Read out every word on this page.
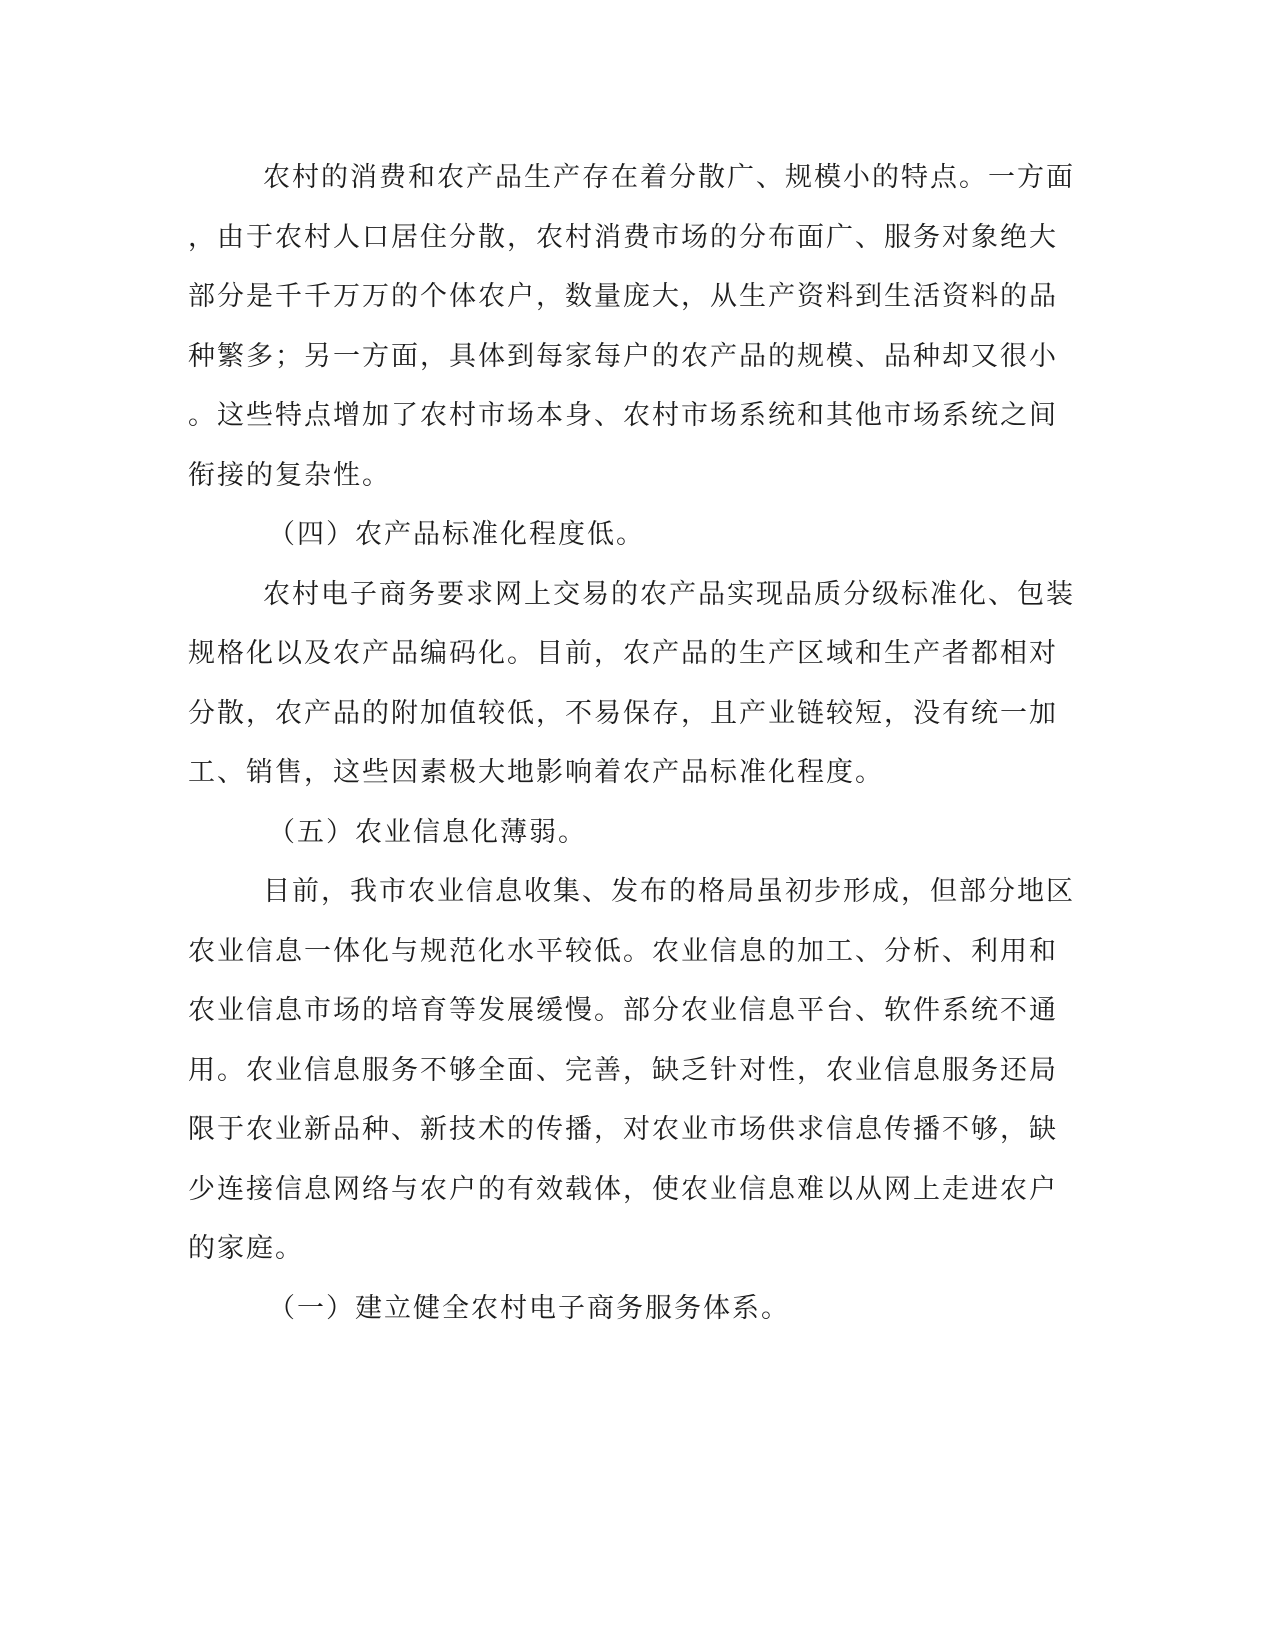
农村的消费和农产品生产存在着分散广、规模小的特点。一方面
，由于农村人口居住分散，农村消费市场的分布面广、服务对象绝大
部分是千千万万的个体农户，数量庞大，从生产资料到生活资料的品
种繁多；另一方面，具体到每家每户的农产品的规模、品种却又很小
。这些特点增加了农村市场本身、农村市场系统和其他市场系统之间
衔接的复杂性。
（四）农产品标准化程度低。
农村电子商务要求网上交易的农产品实现品质分级标准化、包装
规格化以及农产品编码化。目前，农产品的生产区域和生产者都相对
分散，农产品的附加值较低，不易保存，且产业链较短，没有统一加
工、销售，这些因素极大地影响着农产品标准化程度。
（五）农业信息化薄弱。
目前，我市农业信息收集、发布的格局虽初步形成，但部分地区
农业信息一体化与规范化水平较低。农业信息的加工、分析、利用和
农业信息市场的培育等发展缓慢。部分农业信息平台、软件系统不通
用。农业信息服务不够全面、完善，缺乏针对性，农业信息服务还局
限于农业新品种、新技术的传播，对农业市场供求信息传播不够，缺
少连接信息网络与农户的有效载体，使农业信息难以从网上走进农户
的家庭。
（一）建立健全农村电子商务服务体系。
